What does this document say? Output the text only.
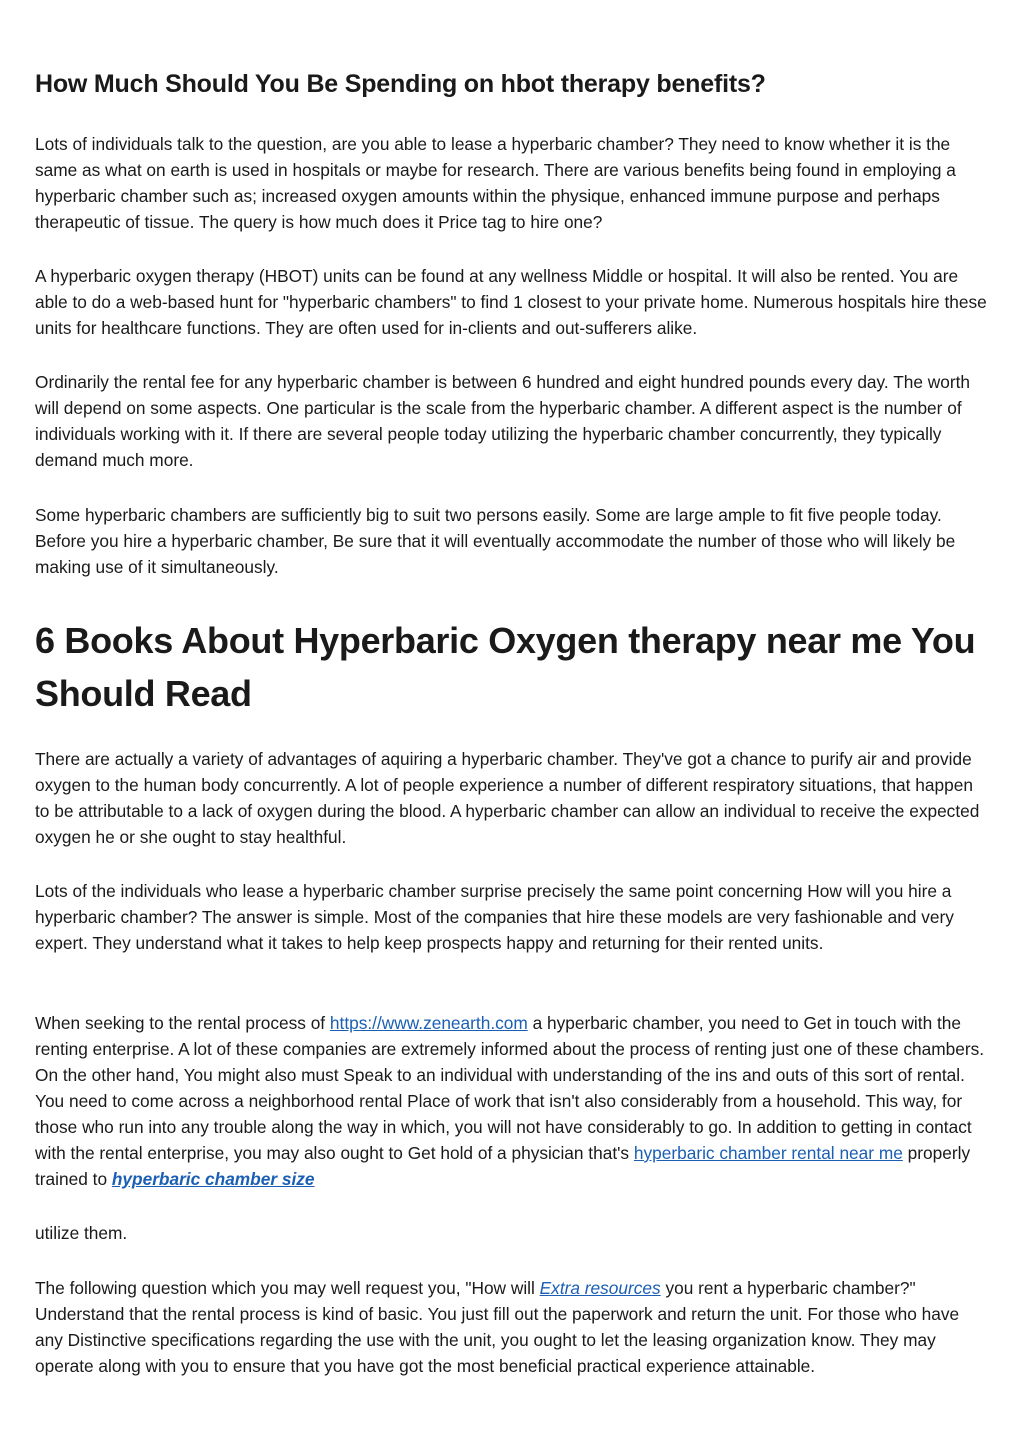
How Much Should You Be Spending on hbot therapy benefits?

Lots of individuals talk to the question, are you able to lease a hyperbaric chamber? They need to know whether it is the same as what on earth is used in hospitals or maybe for research. There are various benefits being found in employing a hyperbaric chamber such as; increased oxygen amounts within the physique, enhanced immune purpose and perhaps therapeutic of tissue. The query is how much does it Price tag to hire one?

A hyperbaric oxygen therapy (HBOT) units can be found at any wellness Middle or hospital. It will also be rented. You are able to do a web-based hunt for "hyperbaric chambers" to find 1 closest to your private home. Numerous hospitals hire these units for healthcare functions. They are often used for in-clients and out-sufferers alike.

Ordinarily the rental fee for any hyperbaric chamber is between 6 hundred and eight hundred pounds every day. The worth will depend on some aspects. One particular is the scale from the hyperbaric chamber. A different aspect is the number of individuals working with it. If there are several people today utilizing the hyperbaric chamber concurrently, they typically demand much more.

Some hyperbaric chambers are sufficiently big to suit two persons easily. Some are large ample to fit five people today. Before you hire a hyperbaric chamber, Be sure that it will eventually accommodate the number of those who will likely be making use of it simultaneously.

6 Books About Hyperbaric Oxygen therapy near me You Should Read

There are actually a variety of advantages of aquiring a hyperbaric chamber. They've got a chance to purify air and provide oxygen to the human body concurrently. A lot of people experience a number of different respiratory situations, that happen to be attributable to a lack of oxygen during the blood. A hyperbaric chamber can allow an individual to receive the expected oxygen he or she ought to stay healthful.

Lots of the individuals who lease a hyperbaric chamber surprise precisely the same point concerning How will you hire a hyperbaric chamber? The answer is simple. Most of the companies that hire these models are very fashionable and very expert. They understand what it takes to help keep prospects happy and returning for their rented units.

When seeking to the rental process of https://www.zenearth.com a hyperbaric chamber, you need to Get in touch with the renting enterprise. A lot of these companies are extremely informed about the process of renting just one of these chambers. On the other hand, You might also must Speak to an individual with understanding of the ins and outs of this sort of rental. You need to come across a neighborhood rental Place of work that isn't also considerably from a household. This way, for those who run into any trouble along the way in which, you will not have considerably to go. In addition to getting in contact with the rental enterprise, you may also ought to Get hold of a physician that's hyperbaric chamber rental near me properly trained to hyperbaric chamber size

utilize them.

The following question which you may well request you, "How will Extra resources you rent a hyperbaric chamber?" Understand that the rental process is kind of basic. You just fill out the paperwork and return the unit. For those who have any Distinctive specifications regarding the use with the unit, you ought to let the leasing organization know. They may operate along with you to ensure that you have got the most beneficial practical experience attainable.
